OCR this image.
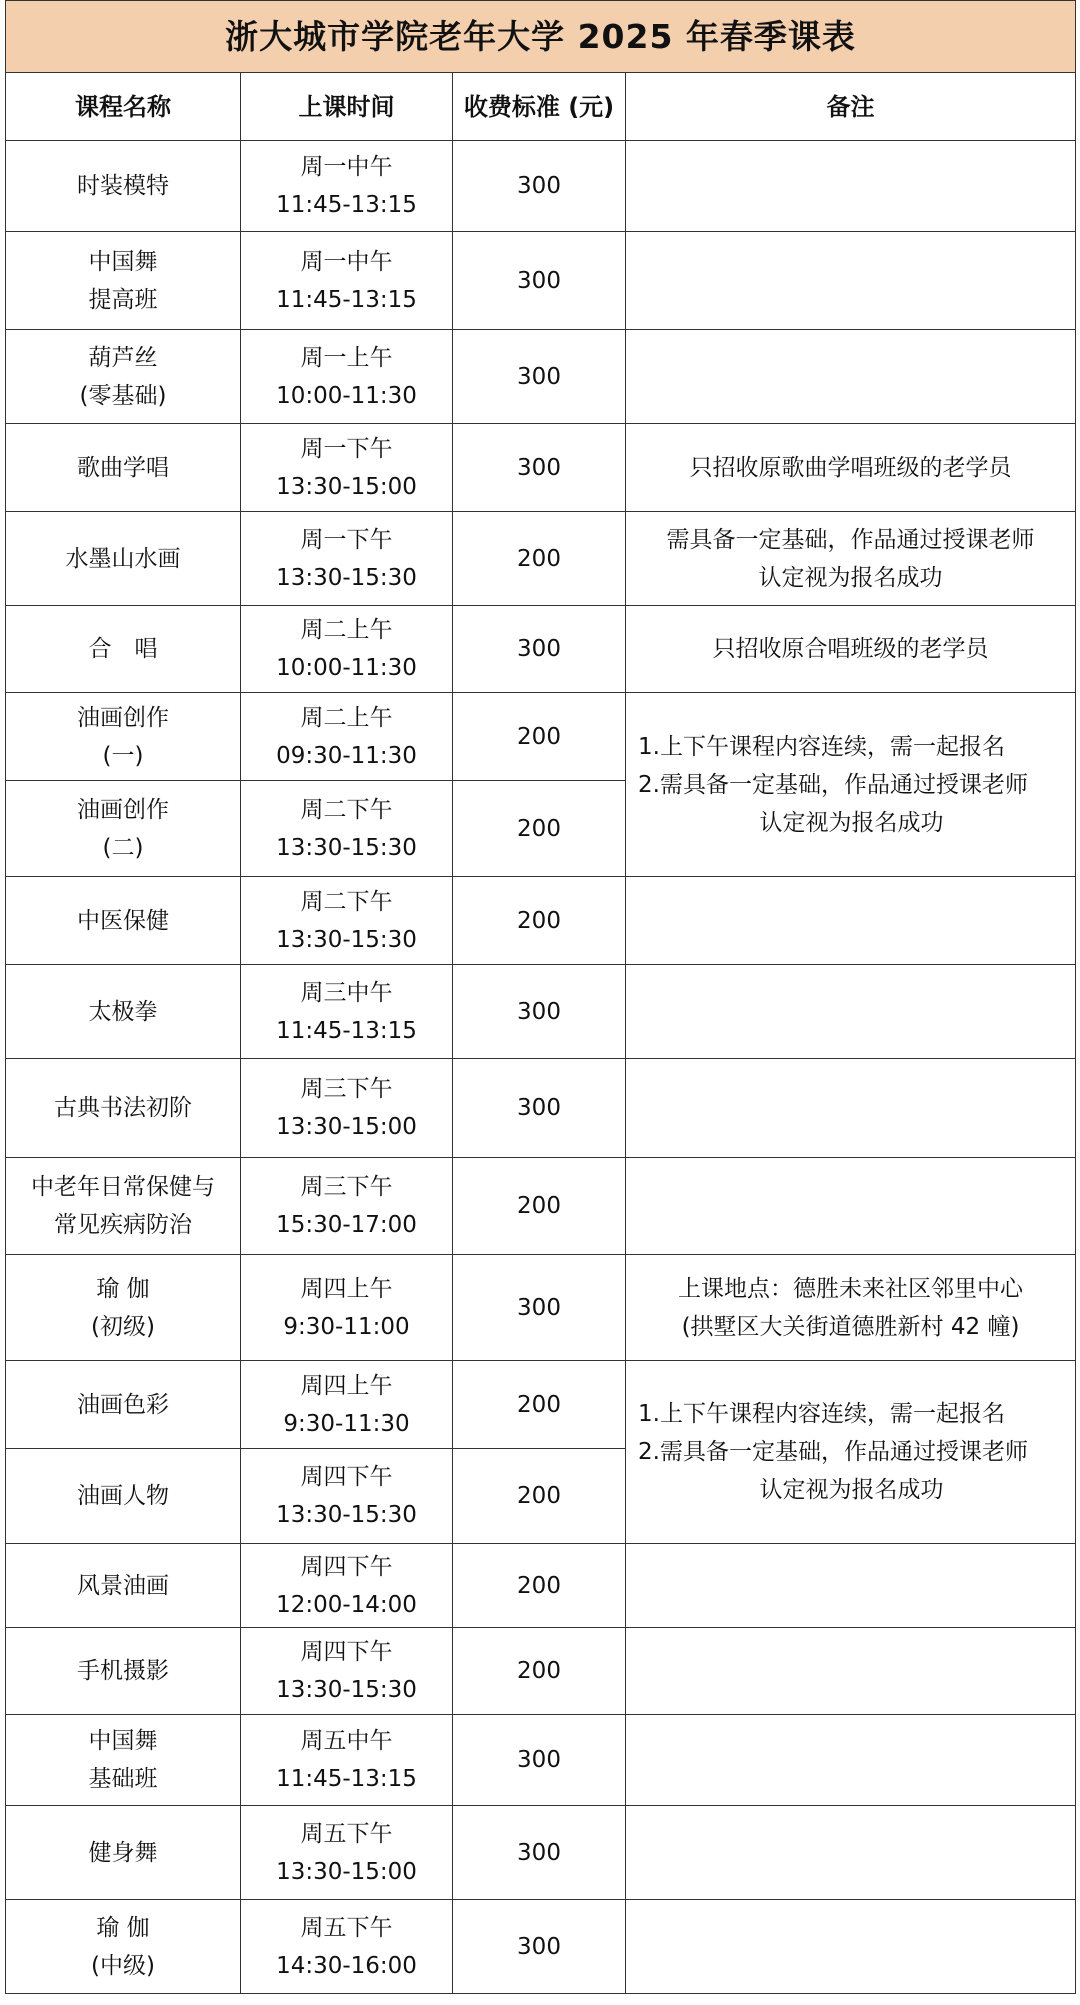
浙大城市学院老年大学 2025 年春季课表			
课程名称	上课时间	收费标准 (元)	备注

时装模特	周一中午
11:45-13:15	300	

中国舞
提高班	周一中午
11:45-13:15	300	

葫芦丝
(零基础)	周一上午
10:00-11:30	300	

歌曲学唱	周一下午
13:30-15:00	300	只招收原歌曲学唱班级的老学员

水墨山水画	周一下午
13:30-15:30	200	需具备一定基础，作品通过授课老师
认定视为报名成功

合　唱	周二上午
10:00-11:30	300	只招收原合唱班级的老学员

油画创作
(一)	周二上午
09:30-11:30	200	1.上下午课程内容连续，需一起报名
2.需具备一定基础，作品通过授课老师
认定视为报名成功

油画创作
(二)	周二下午
13:30-15:30	200	

中医保健	周二下午
13:30-15:30	200	

太极拳	周三中午
11:45-13:15	300	

古典书法初阶	周三下午
13:30-15:00	300	

中老年日常保健与
常见疾病防治	周三下午
15:30-17:00	200	

瑜 伽
(初级)	周四上午
9:30-11:00	300	上课地点：德胜未来社区邻里中心
(拱墅区大关街道德胜新村 42 幢)

油画色彩	周四上午
9:30-11:30	200	1.上下午课程内容连续，需一起报名
2.需具备一定基础，作品通过授课老师
认定视为报名成功

油画人物	周四下午
13:30-15:30	200	

风景油画	周四下午
12:00-14:00	200	

手机摄影	周四下午
13:30-15:30	200	

中国舞
基础班	周五中午
11:45-13:15	300	

健身舞	周五下午
13:30-15:00	300	

瑜 伽
(中级)	周五下午
14:30-16:00	300	
